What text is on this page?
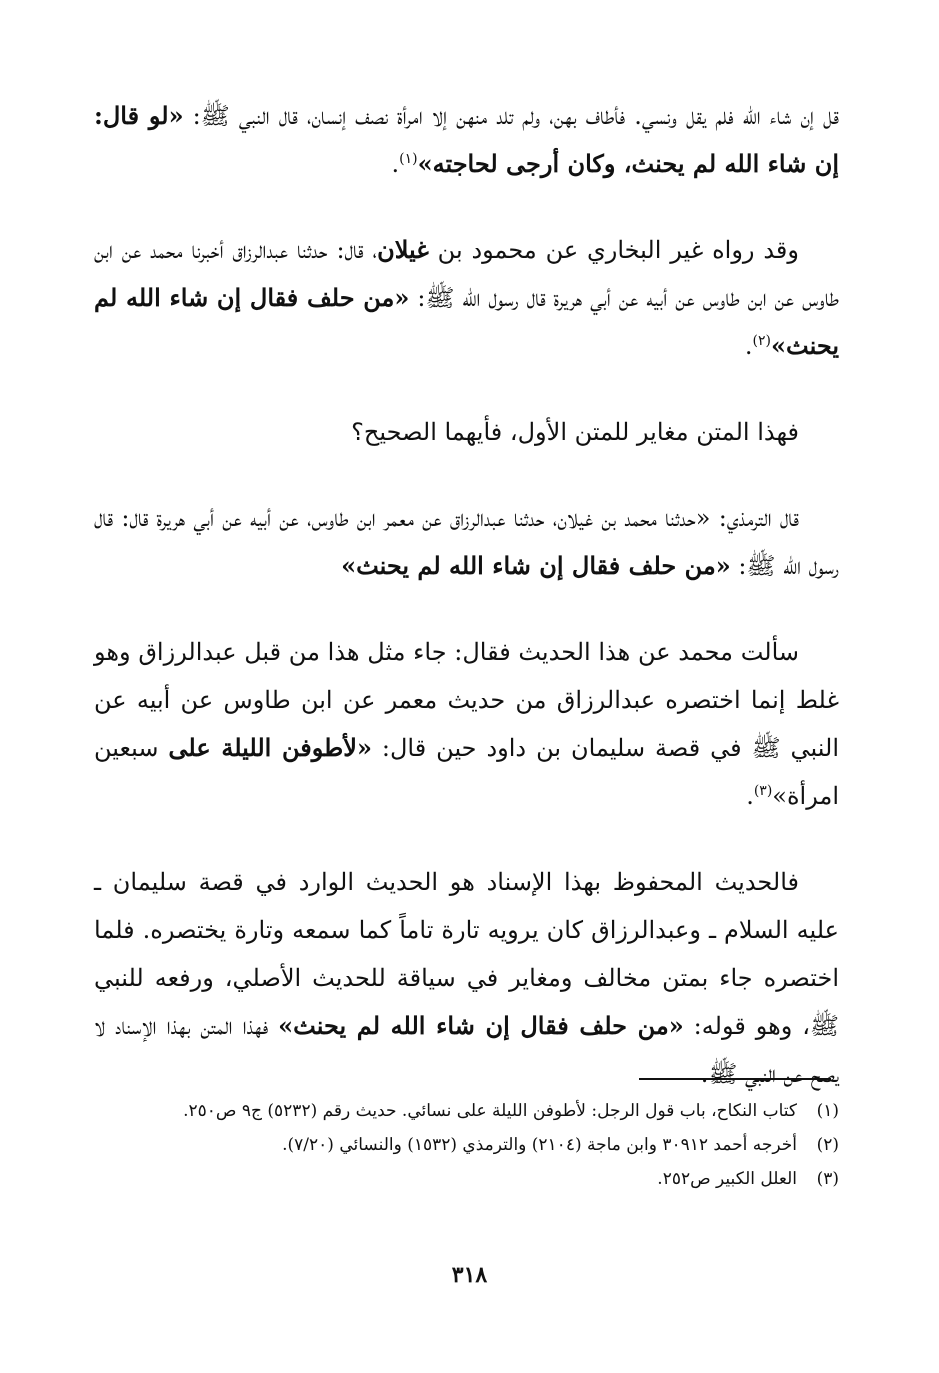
قل إن شاء الله فلم يقل ونسي. فأطاف بهن، ولم تلد منهن إلا امرأة نصف إنسان، قال النبي ﷺ: «لو قال: إن شاء الله لم يحنث، وكان أرجى لحاجته»$^{(١)}$.

وقد رواه غير البخاري عن محمود بن غيلان، قال: حدثنا عبدالرزاق أخبرنا محمد عن ابن طاوس عن ابن طاوس عن أبيه عن أبي هريرة قال رسول الله ﷺ: «من حلف فقال إن شاء الله لم يحنث»$^{(٢)}$.

فهذا المتن مغاير للمتن الأول، فأيهما الصحيح؟

قال الترمذي: «حدثنا محمد بن غيلان، حدثنا عبدالرزاق عن معمر ابن طاوس، عن أبيه عن أبي هريرة قال: قال رسول الله ﷺ: «من حلف فقال إن شاء الله لم يحنث»

سألت محمد عن هذا الحديث فقال: جاء مثل هذا من قبل عبدالرزاق وهو غلط إنما اختصره عبدالرزاق من حديث معمر عن ابن طاوس عن أبيه عن النبي ﷺ في قصة سليمان بن داود حين قال: «لأطوفن الليلة على سبعين امرأة»$^{(٣)}$.

فالحديث المحفوظ بهذا الإسناد هو الحديث الوارد في قصة سليمان ـ عليه السلام ـ وعبدالرزاق كان يرويه تارة تاماً كما سمعه وتارة يختصره. فلما اختصره جاء بمتن مخالف ومغاير في سياقة للحديث الأصلي، ورفعه للنبي ﷺ، وهو قوله: «من حلف فقال إن شاء الله لم يحنث» فهذا المتن بهذا الإسناد لا يصح عن النبي ﷺ.

(١)
كتاب النكاح، باب قول الرجل: لأطوفن الليلة على نسائي. حديث رقم (٥٢٣٢) ج٩ ص٢٥٠.
(٢)
أخرجه أحمد ٣٠٩١٢ وابن ماجة (٢١٠٤) والترمذي (١٥٣٢) والنسائي (٧/٢٠).
(٣)
العلل الكبير ص٢٥٢.
٣١٨
